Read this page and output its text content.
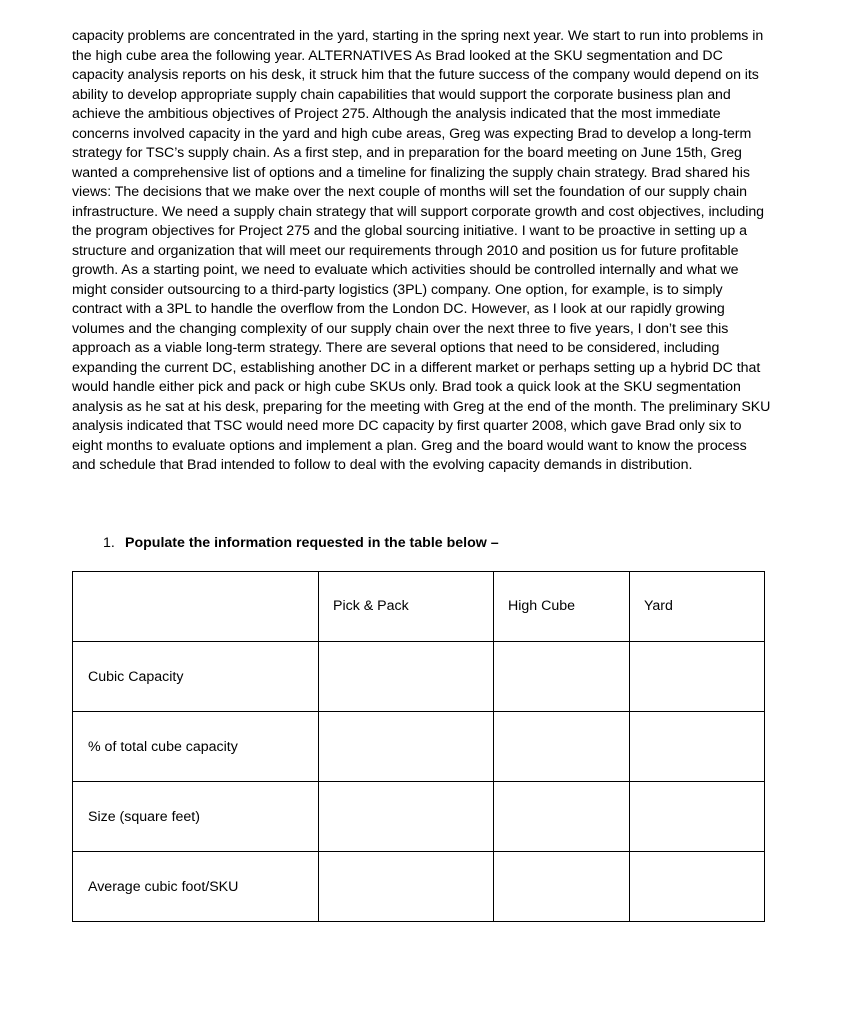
capacity problems are concentrated in the yard, starting in the spring next year. We start to run into problems in the high cube area the following year. ALTERNATIVES As Brad looked at the SKU segmentation and DC capacity analysis reports on his desk, it struck him that the future success of the company would depend on its ability to develop appropriate supply chain capabilities that would support the corporate business plan and achieve the ambitious objectives of Project 275. Although the analysis indicated that the most immediate concerns involved capacity in the yard and high cube areas, Greg was expecting Brad to develop a long-term strategy for TSC’s supply chain. As a first step, and in preparation for the board meeting on June 15th, Greg wanted a comprehensive list of options and a timeline for finalizing the supply chain strategy. Brad shared his views: The decisions that we make over the next couple of months will set the foundation of our supply chain infrastructure. We need a supply chain strategy that will support corporate growth and cost objectives, including the program objectives for Project 275 and the global sourcing initiative. I want to be proactive in setting up a structure and organization that will meet our requirements through 2010 and position us for future profitable growth. As a starting point, we need to evaluate which activities should be controlled internally and what we might consider outsourcing to a third-party logistics (3PL) company. One option, for example, is to simply contract with a 3PL to handle the overflow from the London DC. However, as I look at our rapidly growing volumes and the changing complexity of our supply chain over the next three to five years, I don’t see this approach as a viable long-term strategy. There are several options that need to be considered, including expanding the current DC, establishing another DC in a different market or perhaps setting up a hybrid DC that would handle either pick and pack or high cube SKUs only. Brad took a quick look at the SKU segmentation analysis as he sat at his desk, preparing for the meeting with Greg at the end of the month. The preliminary SKU analysis indicated that TSC would need more DC capacity by first quarter 2008, which gave Brad only six to eight months to evaluate options and implement a plan. Greg and the board would want to know the process and schedule that Brad intended to follow to deal with the evolving capacity demands in distribution.

1. Populate the information requested in the table below –

	Pick & Pack	High Cube	Yard
Cubic Capacity			
% of total cube capacity			
Size (square feet)			
Average cubic foot/SKU			
